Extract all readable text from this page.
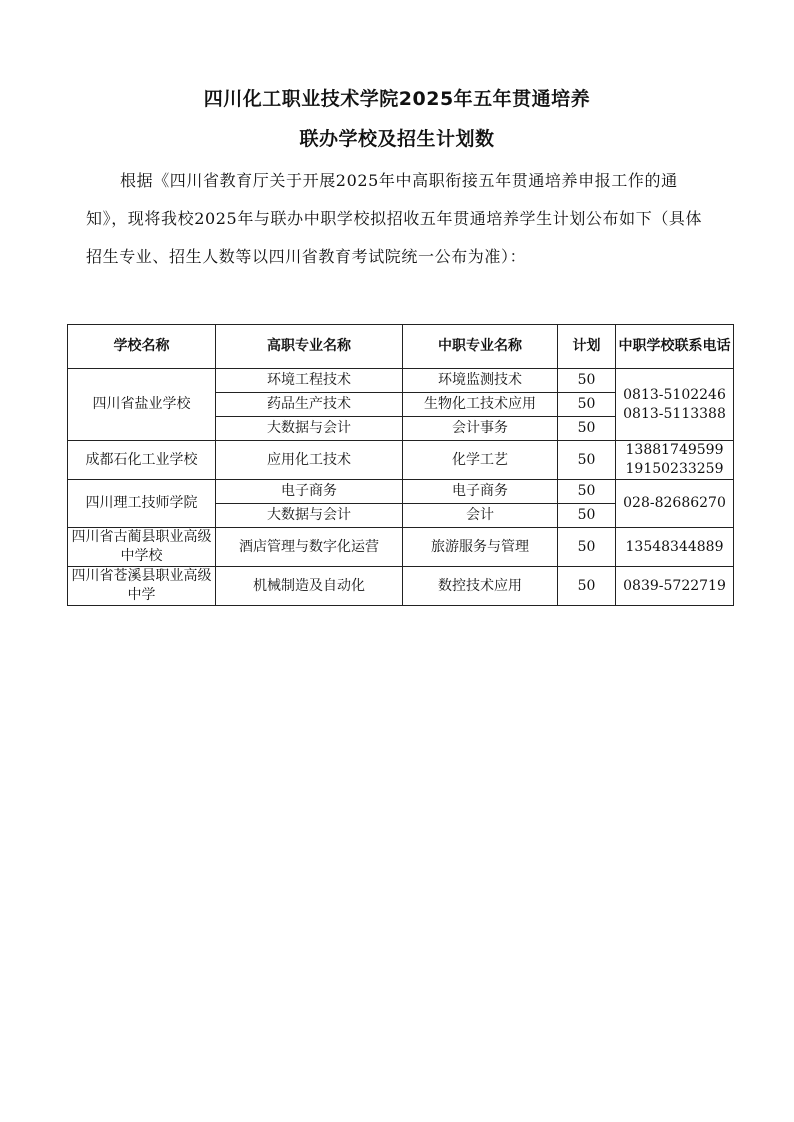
四川化工职业技术学院2025年五年贯通培养
联办学校及招生计划数

根据《四川省教育厅关于开展2025年中高职衔接五年贯通培养申报工作的通知》，现将我校2025年与联办中职学校拟招收五年贯通培养学生计划公布如下（具体招生专业、招生人数等以四川省教育考试院统一公布为准）：

学校名称	高职专业名称	中职专业名称	计划	中职学校联系电话
四川省盐业学校	环境工程技术	环境监测技术	50	0813-5102246
0813-5113388

	药品生产技术	生物化工技术应用	50	
	大数据与会计	会计事务	50	
成都石化工业学校	应用化工技术	化学工艺	50	13881749599
19150233259

四川理工技师学院	电子商务	电子商务	50	028-82686270

	大数据与会计	会计	50	
四川省古蔺县职业高级中学校	酒店管理与数字化运营	旅游服务与管理	50	13548344889

四川省苍溪县职业高级中学	机械制造及自动化	数控技术应用	50	0839-5722719
